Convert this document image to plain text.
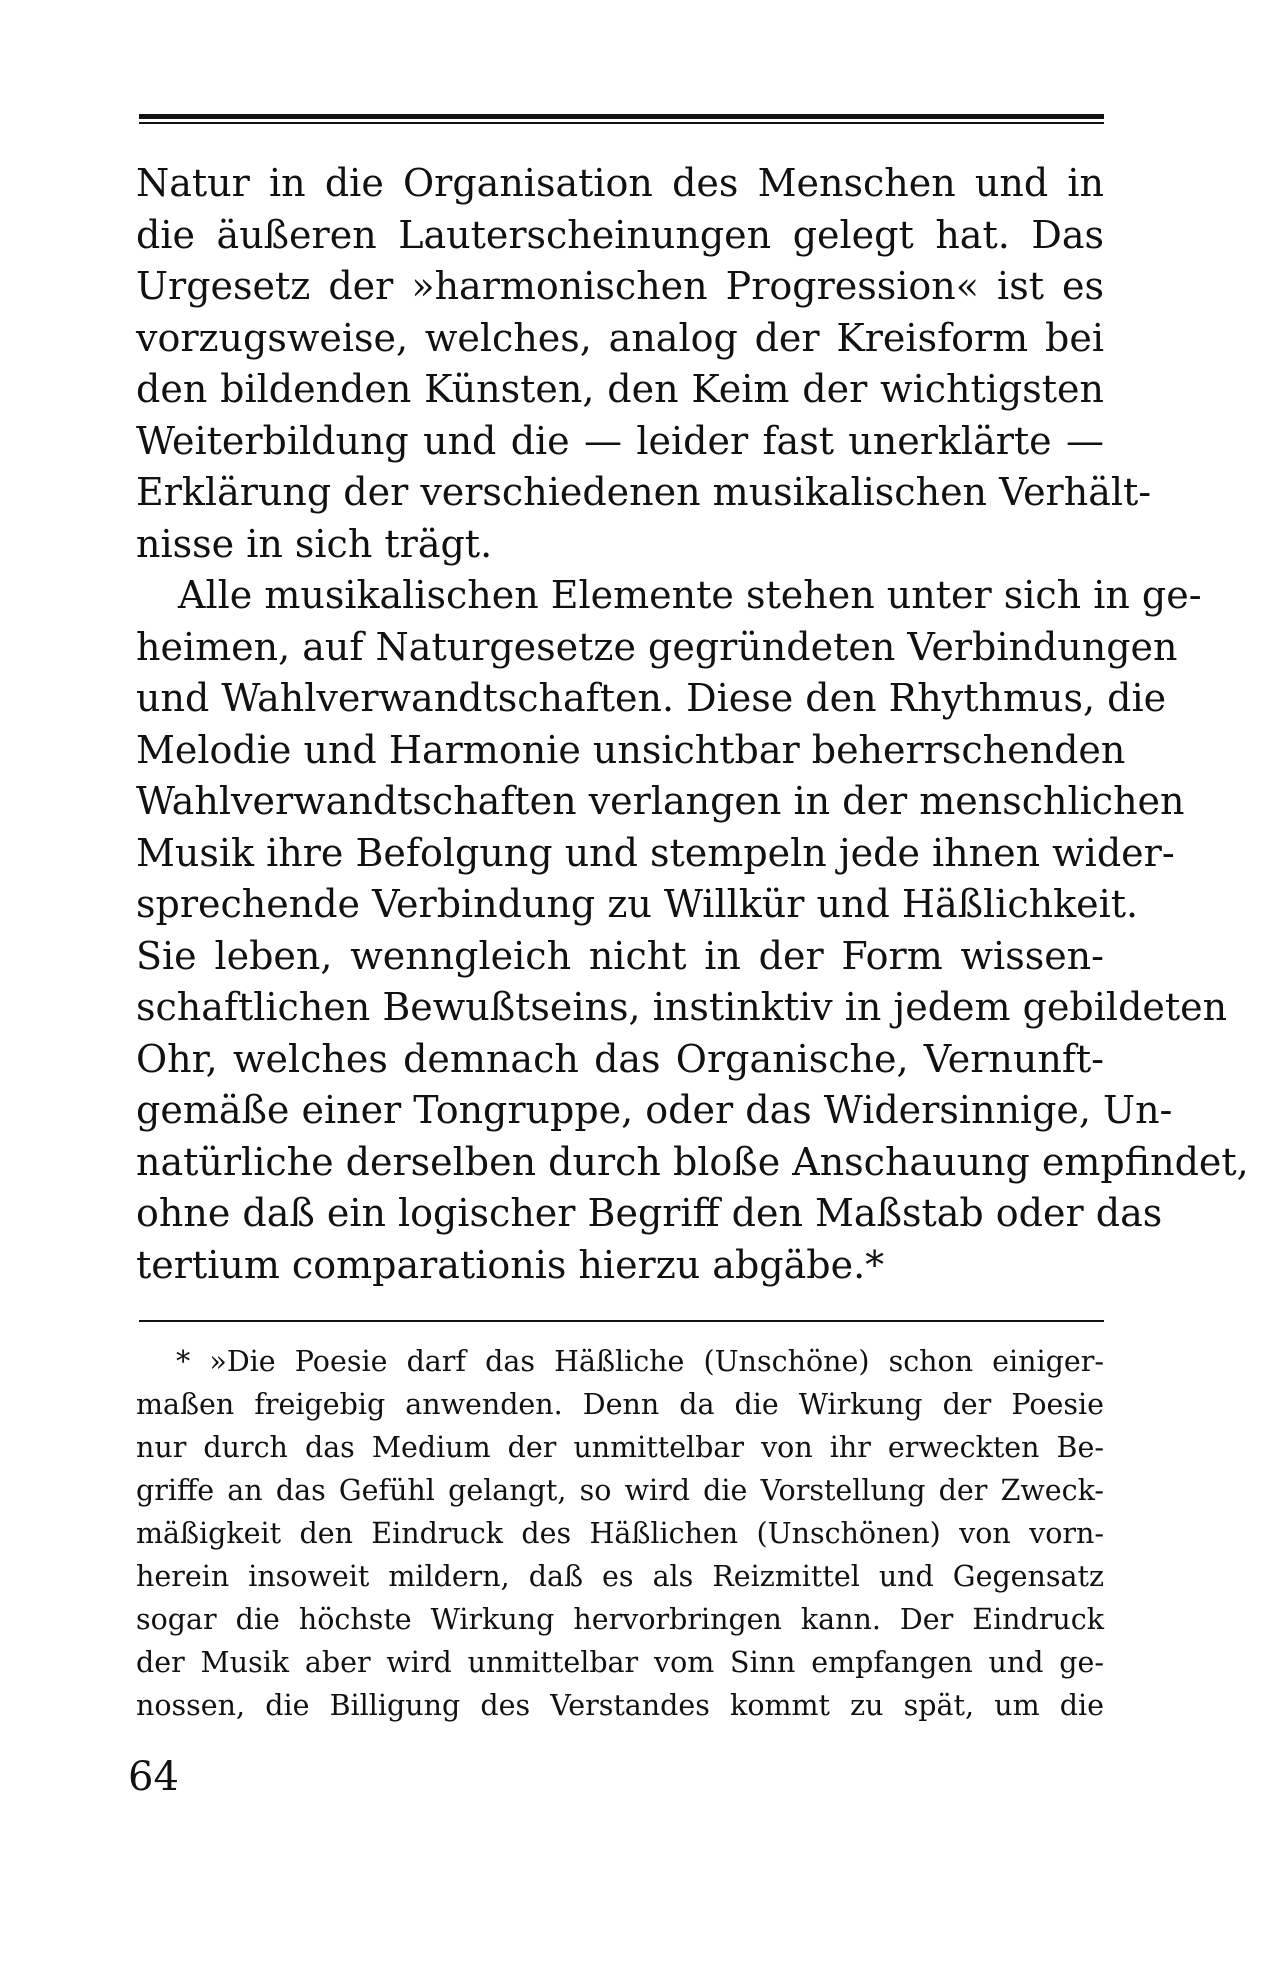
Natur in die Organisation des Menschen und in
die äußeren Lauterscheinungen gelegt hat. Das
Urgesetz der »harmonischen Progression« ist es
vorzugsweise, welches, analog der Kreisform bei
den bildenden Künsten, den Keim der wichtigsten
Weiterbildung und die — leider fast unerklärte —
Erklärung der verschiedenen musikalischen Verhält-
nisse in sich trägt.
Alle musikalischen Elemente stehen unter sich in ge-
heimen, auf Naturgesetze gegründeten Verbindungen
und Wahlverwandtschaften. Diese den Rhythmus, die
Melodie und Harmonie unsichtbar beherrschenden
Wahlverwandtschaften verlangen in der menschlichen
Musik ihre Befolgung und stempeln jede ihnen wider-
sprechende Verbindung zu Willkür und Häßlichkeit.
Sie leben, wenngleich nicht in der Form wissen-
schaftlichen Bewußtseins, instinktiv in jedem gebildeten
Ohr, welches demnach das Organische, Vernunft-
gemäße einer Tongruppe, oder das Widersinnige, Un-
natürliche derselben durch bloße Anschauung empfindet,
ohne daß ein logischer Begriff den Maßstab oder das
tertium comparationis hierzu abgäbe.*
* »Die Poesie darf das Häßliche (Unschöne) schon einiger-
maßen freigebig anwenden. Denn da die Wirkung der Poesie
nur durch das Medium der unmittelbar von ihr erweckten Be-
griffe an das Gefühl gelangt, so wird die Vorstellung der Zweck-
mäßigkeit den Eindruck des Häßlichen (Unschönen) von vorn-
herein insoweit mildern, daß es als Reizmittel und Gegensatz
sogar die höchste Wirkung hervorbringen kann. Der Eindruck
der Musik aber wird unmittelbar vom Sinn empfangen und ge-
nossen, die Billigung des Verstandes kommt zu spät, um die
64
